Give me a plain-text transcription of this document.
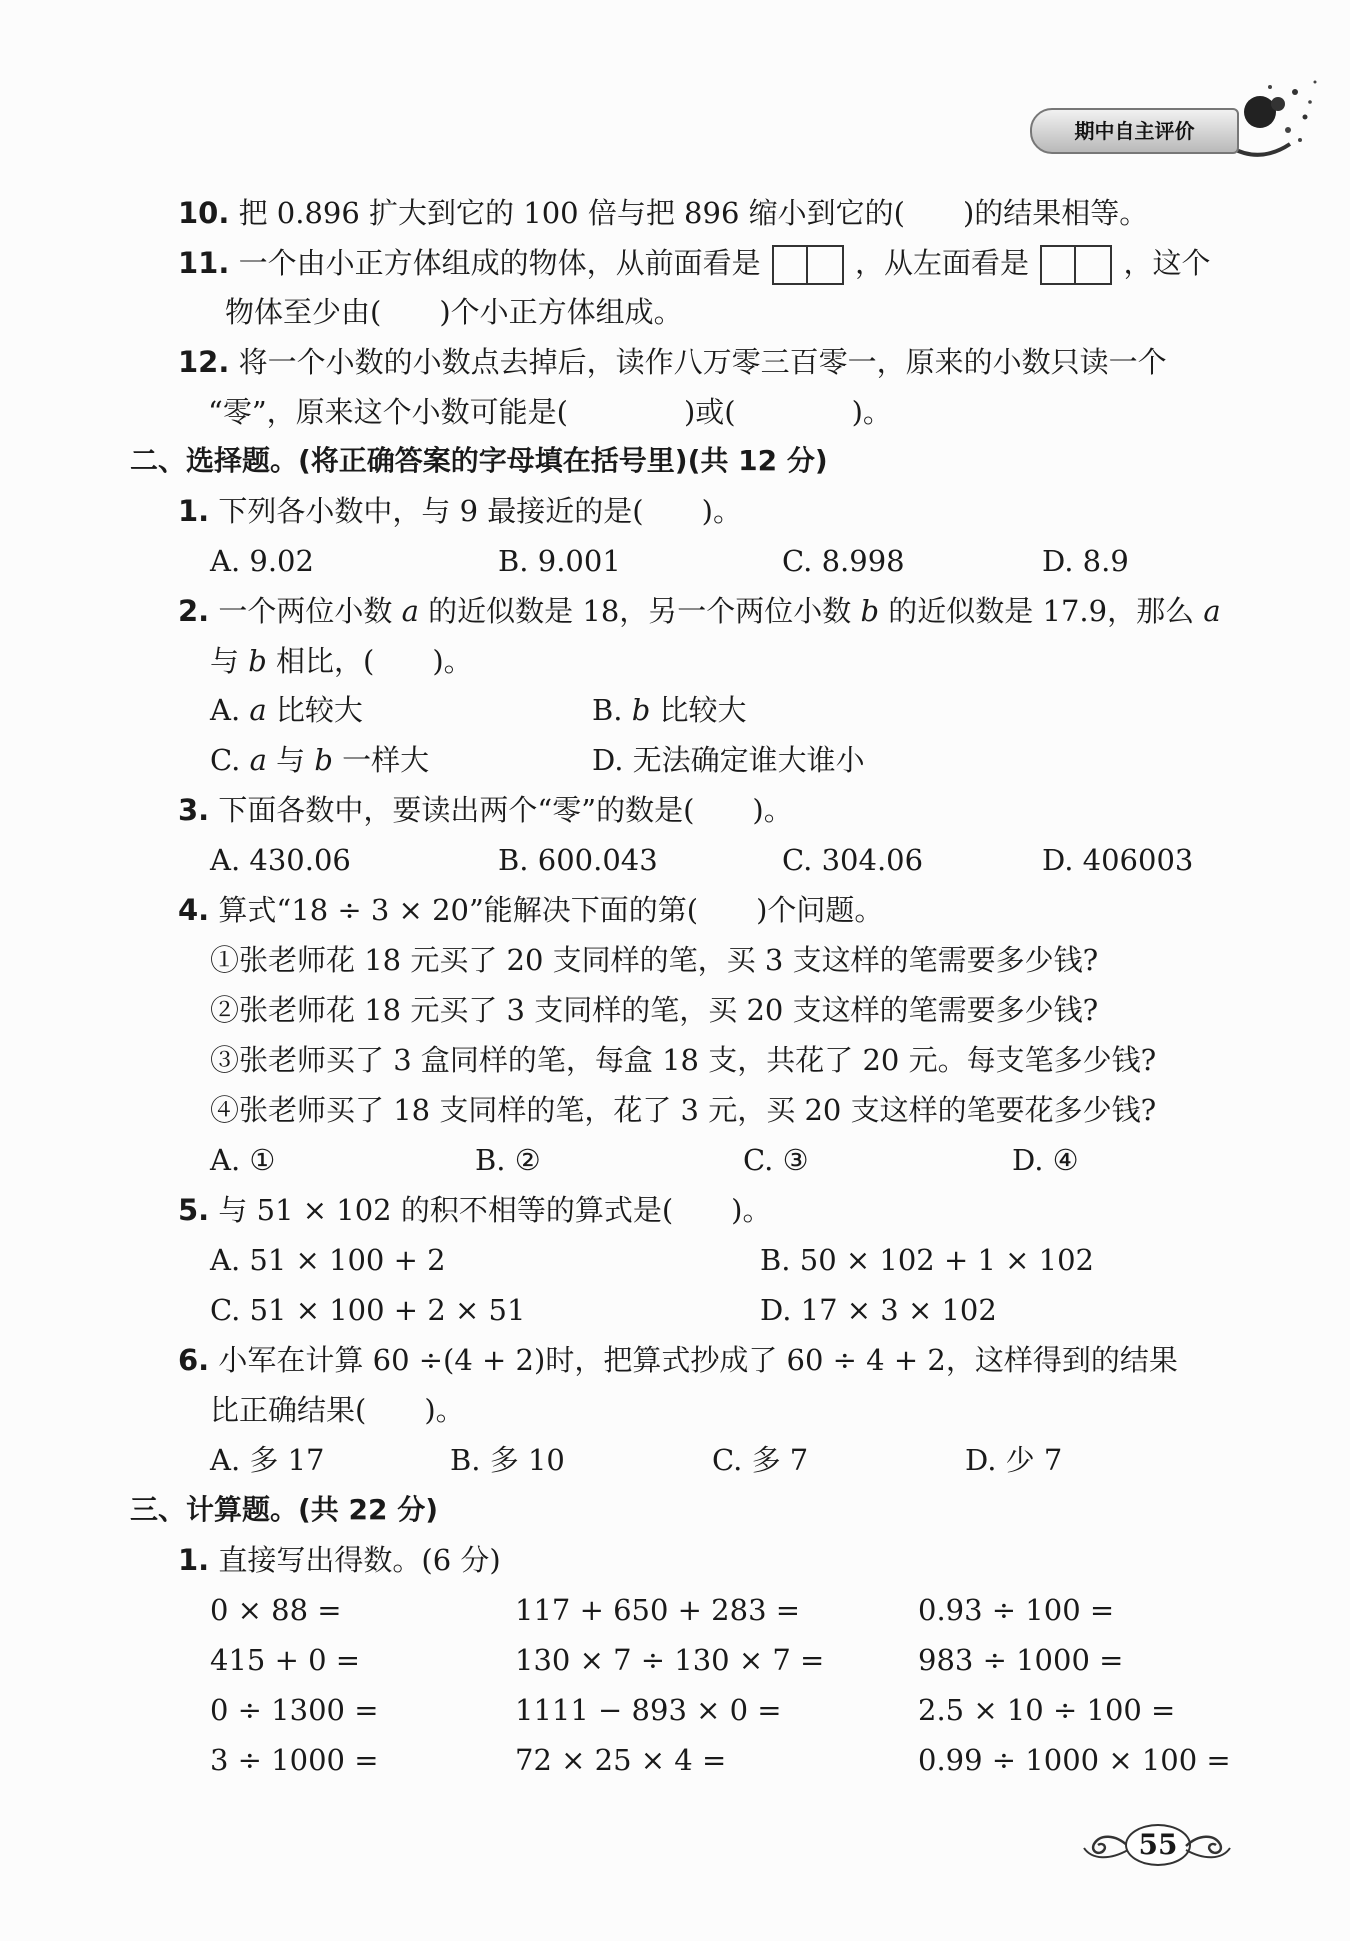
期中自主评价
10. 把 0.896 扩大到它的 100 倍与把 896 缩小到它的(　　)的结果相等。
11. 一个由小正方体组成的物体，从前面看是	，从左面看是	，这个
物体至少由(　　)个小正方体组成。
12. 将一个小数的小数点去掉后，读作八万零三百零一，原来的小数只读一个
“零”，原来这个小数可能是(　　　　)或(　　　　)。
二、选择题。(将正确答案的字母填在括号里)(共 12 分)
1. 下列各小数中，与 9 最接近的是(　　)。
A. 9.02	B. 9.001	C. 8.998	D. 8.9
2. 一个两位小数 a 的近似数是 18，另一个两位小数 b 的近似数是 17.9，那么 a
与 b 相比，(　　)。
A. a 比较大	B. b 比较大
C. a 与 b 一样大	D. 无法确定谁大谁小
3. 下面各数中，要读出两个“零”的数是(　　)。
A. 430.06	B. 600.043	C. 304.06	D. 406003
4. 算式“18 ÷ 3 × 20”能解决下面的第(　　)个问题。
①张老师花 18 元买了 20 支同样的笔，买 3 支这样的笔需要多少钱?
②张老师花 18 元买了 3 支同样的笔，买 20 支这样的笔需要多少钱?
③张老师买了 3 盒同样的笔，每盒 18 支，共花了 20 元。每支笔多少钱?
④张老师买了 18 支同样的笔，花了 3 元，买 20 支这样的笔要花多少钱?
A. ①	B. ②	C. ③	D. ④
5. 与 51 × 102 的积不相等的算式是(　　)。
A. 51 × 100 + 2	B. 50 × 102 + 1 × 102
C. 51 × 100 + 2 × 51	D. 17 × 3 × 102
6. 小军在计算 60 ÷(4 + 2)时，把算式抄成了 60 ÷ 4 + 2，这样得到的结果
比正确结果(　　)。
A. 多 17	B. 多 10	C. 多 7	D. 少 7
三、计算题。(共 22 分)
1. 直接写出得数。(6 分)
0 × 88 =	117 + 650 + 283 =	0.93 ÷ 100 =
415 + 0 =	130 × 7 ÷ 130 × 7 =	983 ÷ 1000 =
0 ÷ 1300 =	1111 − 893 × 0 =	2.5 × 10 ÷ 100 =
3 ÷ 1000 =	72 × 25 × 4 =	0.99 ÷ 1000 × 100 =
55
